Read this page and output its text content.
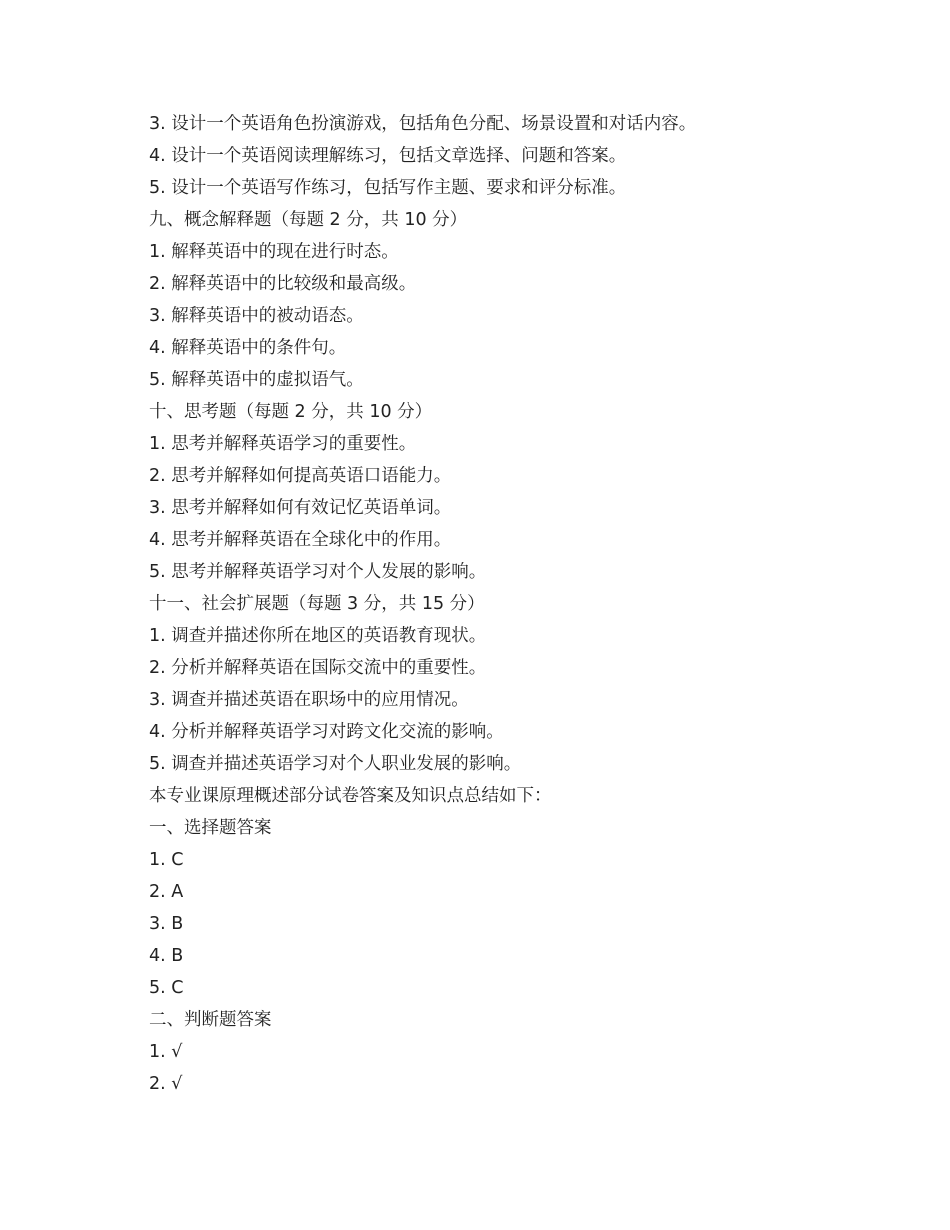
3. 设计一个英语角色扮演游戏，包括角色分配、场景设置和对话内容。
4. 设计一个英语阅读理解练习，包括文章选择、问题和答案。
5. 设计一个英语写作练习，包括写作主题、要求和评分标准。
九、概念解释题（每题 2 分，共 10 分）
1. 解释英语中的现在进行时态。
2. 解释英语中的比较级和最高级。
3. 解释英语中的被动语态。
4. 解释英语中的条件句。
5. 解释英语中的虚拟语气。
十、思考题（每题 2 分，共 10 分）
1. 思考并解释英语学习的重要性。
2. 思考并解释如何提高英语口语能力。
3. 思考并解释如何有效记忆英语单词。
4. 思考并解释英语在全球化中的作用。
5. 思考并解释英语学习对个人发展的影响。
十一、社会扩展题（每题 3 分，共 15 分）
1. 调查并描述你所在地区的英语教育现状。
2. 分析并解释英语在国际交流中的重要性。
3. 调查并描述英语在职场中的应用情况。
4. 分析并解释英语学习对跨文化交流的影响。
5. 调查并描述英语学习对个人职业发展的影响。
本专业课原理概述部分试卷答案及知识点总结如下：
一、选择题答案
1. C
2. A
3. B
4. B
5. C
二、判断题答案
1. √
2. √
